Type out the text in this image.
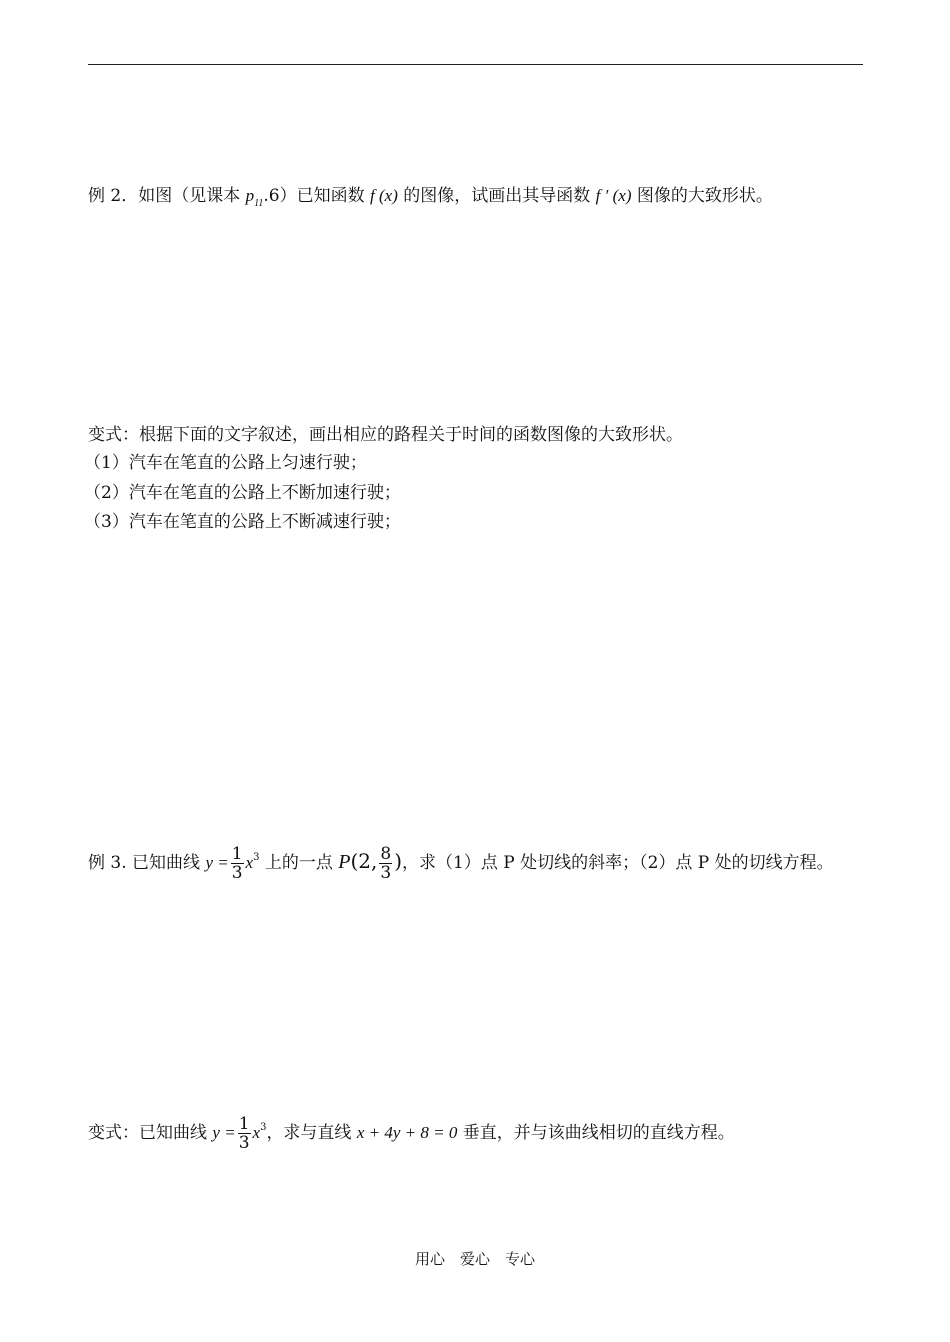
例 2．如图（见课本 $p_{11}.6$）已知函数 f (x) 的图像，试画出其导函数 f ′ (x) 图像的大致形状。
变式：根据下面的文字叙述，画出相应的路程关于时间的函数图像的大致形状。
（1）汽车在笔直的公路上匀速行驶；
（2）汽车在笔直的公路上不断加速行驶；
（3）汽车在笔直的公路上不断减速行驶；
例 3. 已知曲线 $y = \frac{1}{3} x^3$ 上的一点 P(2, $\frac{8}{3}$ )，求（1）点 P 处切线的斜率；（2）点 P 处的切线方程。
变式：已知曲线 $y = \frac{1}{3} x^3$，求与直线 x + 4y + 8 = 0 垂直，并与该曲线相切的直线方程。
用心　爱心　专心
